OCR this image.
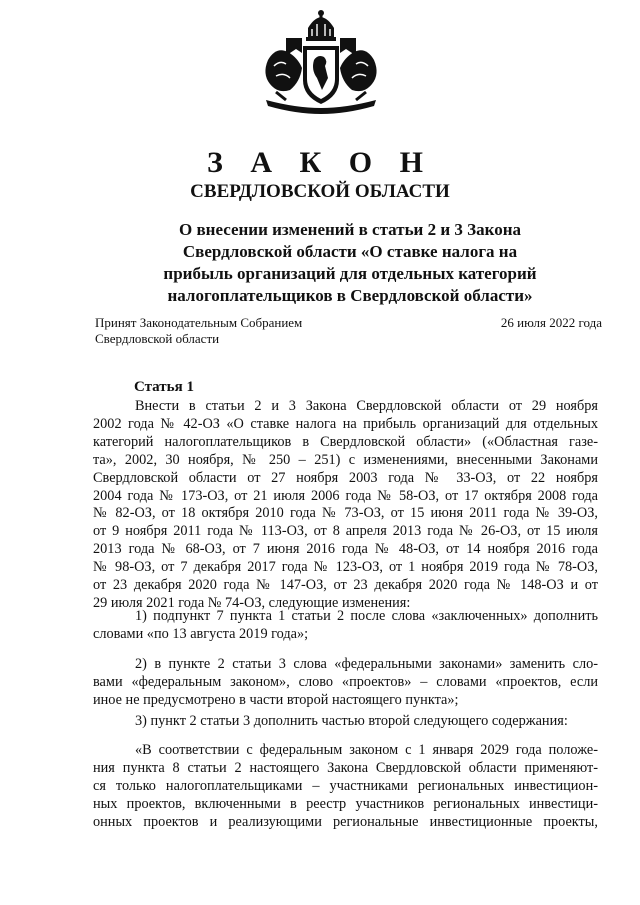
З А К О Н
СВЕРДЛОВСКОЙ ОБЛАСТИ
О внесении изменений в статьи 2 и 3 Закона
Свердловской области «О ставке налога на
прибыль организаций для отдельных категорий
налогоплательщиков в Свердловской области»
Принят Законодательным Собранием
Свердловской области
26 июля 2022 года
Статья 1
Внести в статьи 2 и 3 Закона Свердловской области от 29 ноября
2002 года № 42-ОЗ «О ставке налога на прибыль организаций для отдельных
категорий налогоплательщиков в Свердловской области» («Областная газе-
та», 2002, 30 ноября, № 250 – 251) с изменениями, внесенными Законами
Свердловской области от 27 ноября 2003 года № 33-ОЗ, от 22 ноября
2004 года № 173-ОЗ, от 21 июля 2006 года № 58-ОЗ, от 17 октября 2008 года
№ 82-ОЗ, от 18 октября 2010 года № 73-ОЗ, от 15 июня 2011 года № 39-ОЗ,
от 9 ноября 2011 года № 113-ОЗ, от 8 апреля 2013 года № 26-ОЗ, от 15 июля
2013 года № 68-ОЗ, от 7 июня 2016 года № 48-ОЗ, от 14 ноября 2016 года
№ 98-ОЗ, от 7 декабря 2017 года № 123-ОЗ, от 1 ноября 2019 года № 78-ОЗ,
от 23 декабря 2020 года № 147-ОЗ, от 23 декабря 2020 года № 148-ОЗ и от
29 июля 2021 года № 74-ОЗ, следующие изменения:
1) подпункт 7 пункта 1 статьи 2 после слова «заключенных» дополнить
словами «по 13 августа 2019 года»;
2) в пункте 2 статьи 3 слова «федеральными законами» заменить сло-
вами «федеральным законом», слово «проектов» – словами «проектов, если
иное не предусмотрено в части второй настоящего пункта»;
3) пункт 2 статьи 3 дополнить частью второй следующего содержания:
«В соответствии с федеральным законом с 1 января 2029 года положе-
ния пункта 8 статьи 2 настоящего Закона Свердловской области применяют-
ся только налогоплательщиками – участниками региональных инвестицион-
ных проектов, включенными в реестр участников региональных инвестици-
онных проектов и реализующими региональные инвестиционные проекты,
